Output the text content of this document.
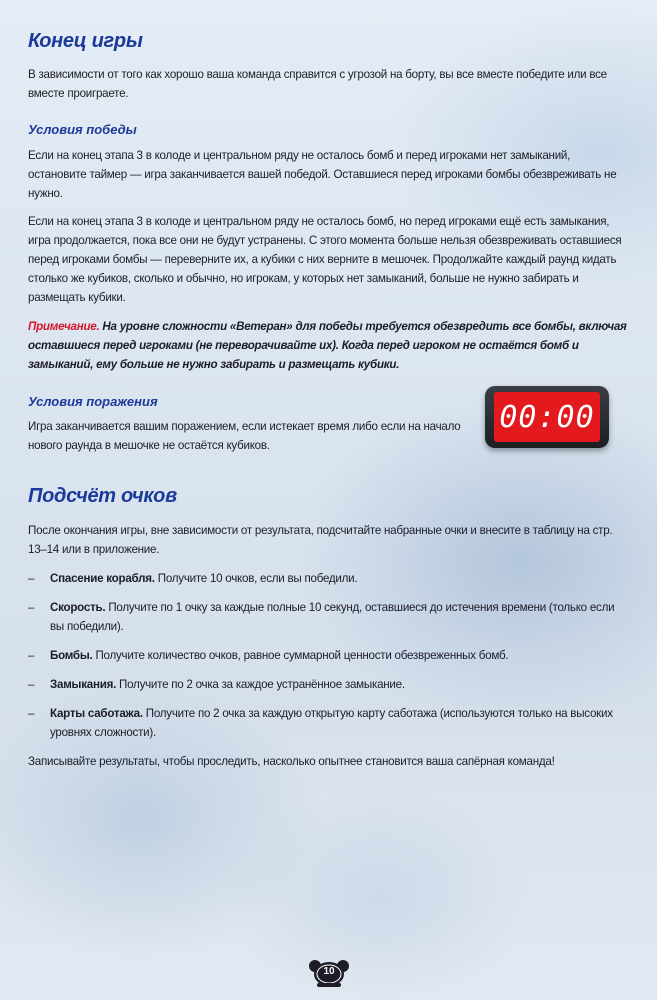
Конец игры

В зависимости от того как хорошо ваша команда справится с угрозой на борту, вы все вместе победите или все вместе проиграете.

Условия победы

Если на конец этапа 3 в колоде и центральном ряду не осталось бомб и перед игроками нет замыканий, остановите таймер — игра заканчивается вашей победой. Оставшиеся перед игроками бомбы обезвреживать не нужно.

Если на конец этапа 3 в колоде и центральном ряду не осталось бомб, но перед игроками ещё есть замыкания, игра продолжается, пока все они не будут устранены. С этого момента больше нельзя обезвреживать оставшиеся перед игроками бомбы — переверните их, а кубики с них верните в мешочек. Продолжайте каждый раунд кидать столько же кубиков, сколько и обычно, но игрокам, у которых нет замыканий, больше не нужно забирать и размещать кубики.

Примечание. На уровне сложности «Ветеран» для победы требуется обезвредить все бомбы, включая оставшиеся перед игроками (не переворачивайте их). Когда перед игроком не остаётся бомб и замыканий, ему больше не нужно забирать и размещать кубики.

Условия поражения

Игра заканчивается вашим поражением, если истекает время либо если на начало нового раунда в мешочке не остаётся кубиков.

00:00
Подсчёт очков

После окончания игры, вне зависимости от результата, подсчитайте набранные очки и внесите в таблицу на стр. 13–14 или в приложение.

– Спасение корабля. Получите 10 очков, если вы победили.
– Скорость. Получите по 1 очку за каждые полные 10 секунд, оставшиеся до истечения времени (только если вы победили).
– Бомбы. Получите количество очков, равное суммарной ценности обезвреженных бомб.
– Замыкания. Получите по 2 очка за каждое устранённое замыкание.
– Карты саботажа. Получите по 2 очка за каждую открытую карту саботажа (используются только на высоких уровнях сложности).

Записывайте результаты, чтобы проследить, насколько опытнее становится ваша сапёрная команда!

10
